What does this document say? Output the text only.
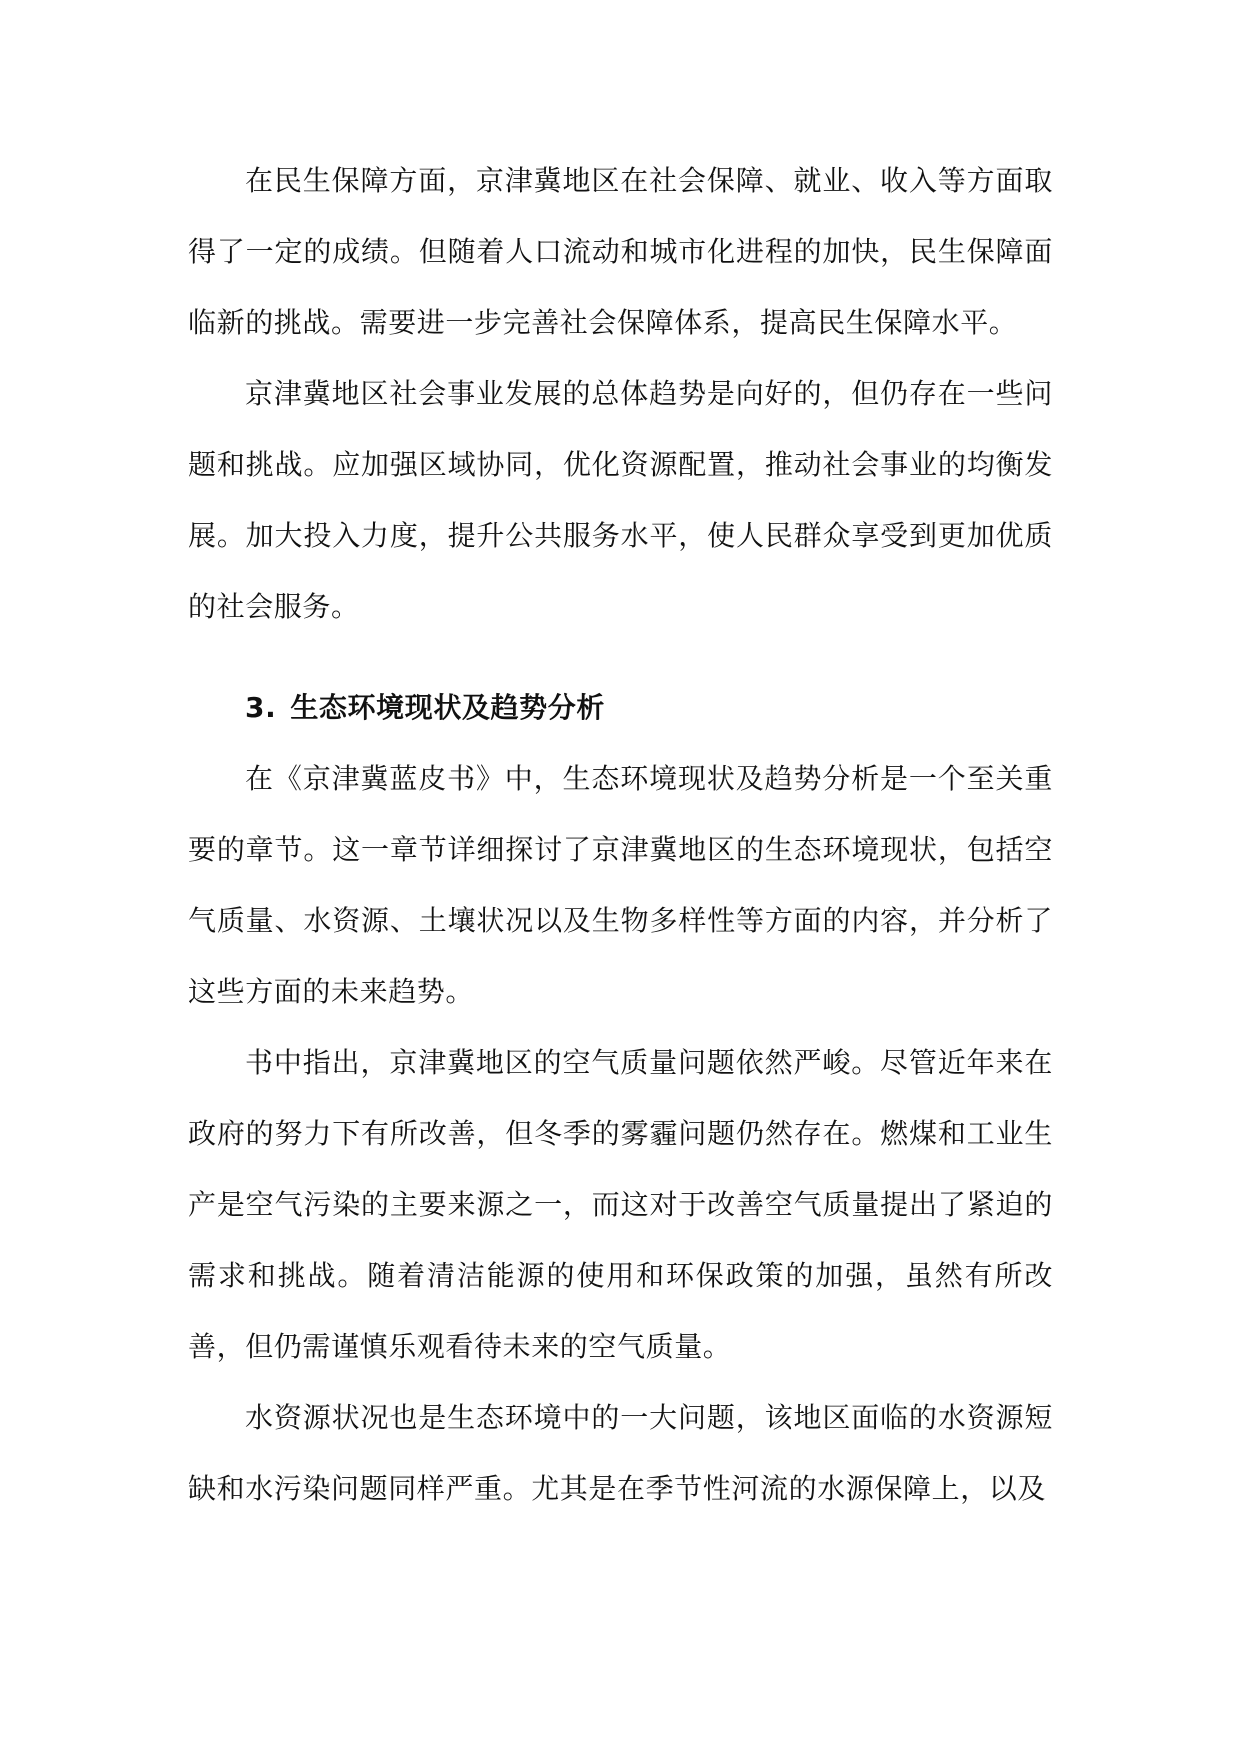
在民生保障方面，京津冀地区在社会保障、就业、收入等方面取得了一定的成绩。但随着人口流动和城市化进程的加快，民生保障面临新的挑战。需要进一步完善社会保障体系，提高民生保障水平。

京津冀地区社会事业发展的总体趋势是向好的，但仍存在一些问题和挑战。应加强区域协同，优化资源配置，推动社会事业的均衡发展。加大投入力度，提升公共服务水平，使人民群众享受到更加优质的社会服务。

3. 生态环境现状及趋势分析

在《京津冀蓝皮书》中，生态环境现状及趋势分析是一个至关重要的章节。这一章节详细探讨了京津冀地区的生态环境现状，包括空气质量、水资源、土壤状况以及生物多样性等方面的内容，并分析了这些方面的未来趋势。

书中指出，京津冀地区的空气质量问题依然严峻。尽管近年来在政府的努力下有所改善，但冬季的雾霾问题仍然存在。燃煤和工业生产是空气污染的主要来源之一，而这对于改善空气质量提出了紧迫的需求和挑战。随着清洁能源的使用和环保政策的加强，虽然有所改善，但仍需谨慎乐观看待未来的空气质量。

水资源状况也是生态环境中的一大问题，该地区面临的水资源短缺和水污染问题同样严重。尤其是在季节性河流的水源保障上，以及
